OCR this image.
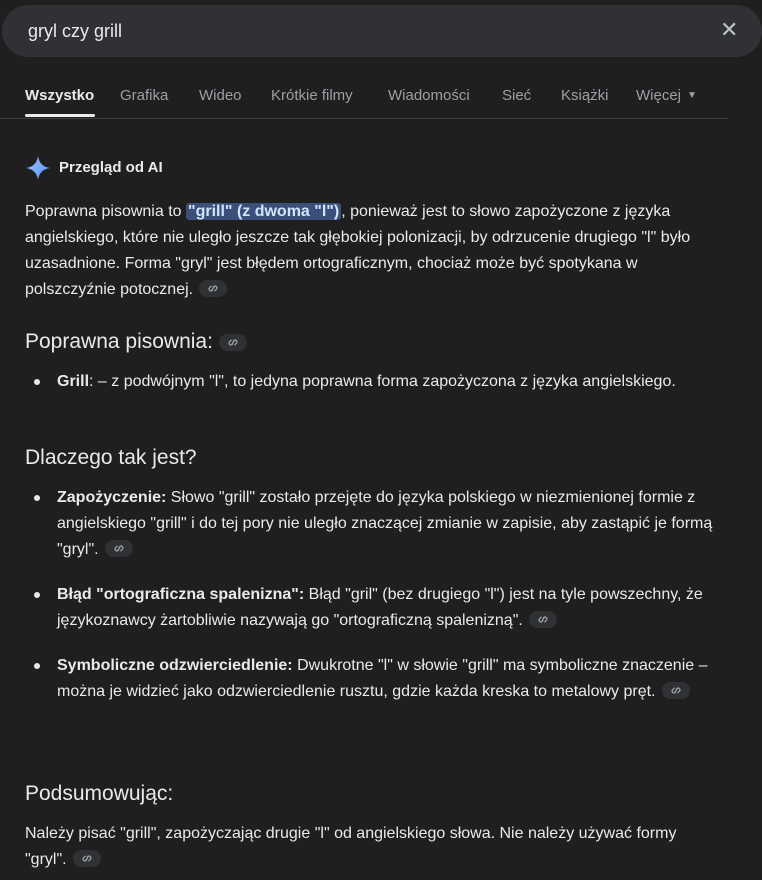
gryl czy grill	✕
Wszystko Grafika Wideo Krótkie filmy Wiadomości Sieć Książki Więcej ▼
Przegląd od AI

Poprawna pisownia to "grill" (z dwoma "l") , ponieważ jest to słowo zapożyczone z języka angielskiego, które nie uległo jeszcze tak głębokiej polonizacji, by odrzucenie drugiego "l" było uzasadnione. Forma "gryl" jest błędem ortograficznym, chociaż może być spotykana w polszczyźnie potocznej.

Poprawna pisownia:
Grill: – z podwójnym "l", to jedyna poprawna forma zapożyczona z języka angielskiego.
Dlaczego tak jest?
Zapożyczenie: Słowo "grill" zostało przejęte do języka polskiego w niezmienionej formie z angielskiego "grill" i do tej pory nie uległo znaczącej zmianie w zapisie, aby zastąpić je formą "gryl".
Błąd "ortograficzna spalenizna": Błąd "gril" (bez drugiego "l") jest na tyle powszechny, że językoznawcy żartobliwie nazywają go "ortograficzną spalenizną".
Symboliczne odzwierciedlenie: Dwukrotne "l" w słowie "grill" ma symboliczne znaczenie – można je widzieć jako odzwierciedlenie rusztu, gdzie każda kreska to metalowy pręt.
Podsumowując:

Należy pisać "grill", zapożyczając drugie "l" od angielskiego słowa. Nie należy używać formy "gryl".
